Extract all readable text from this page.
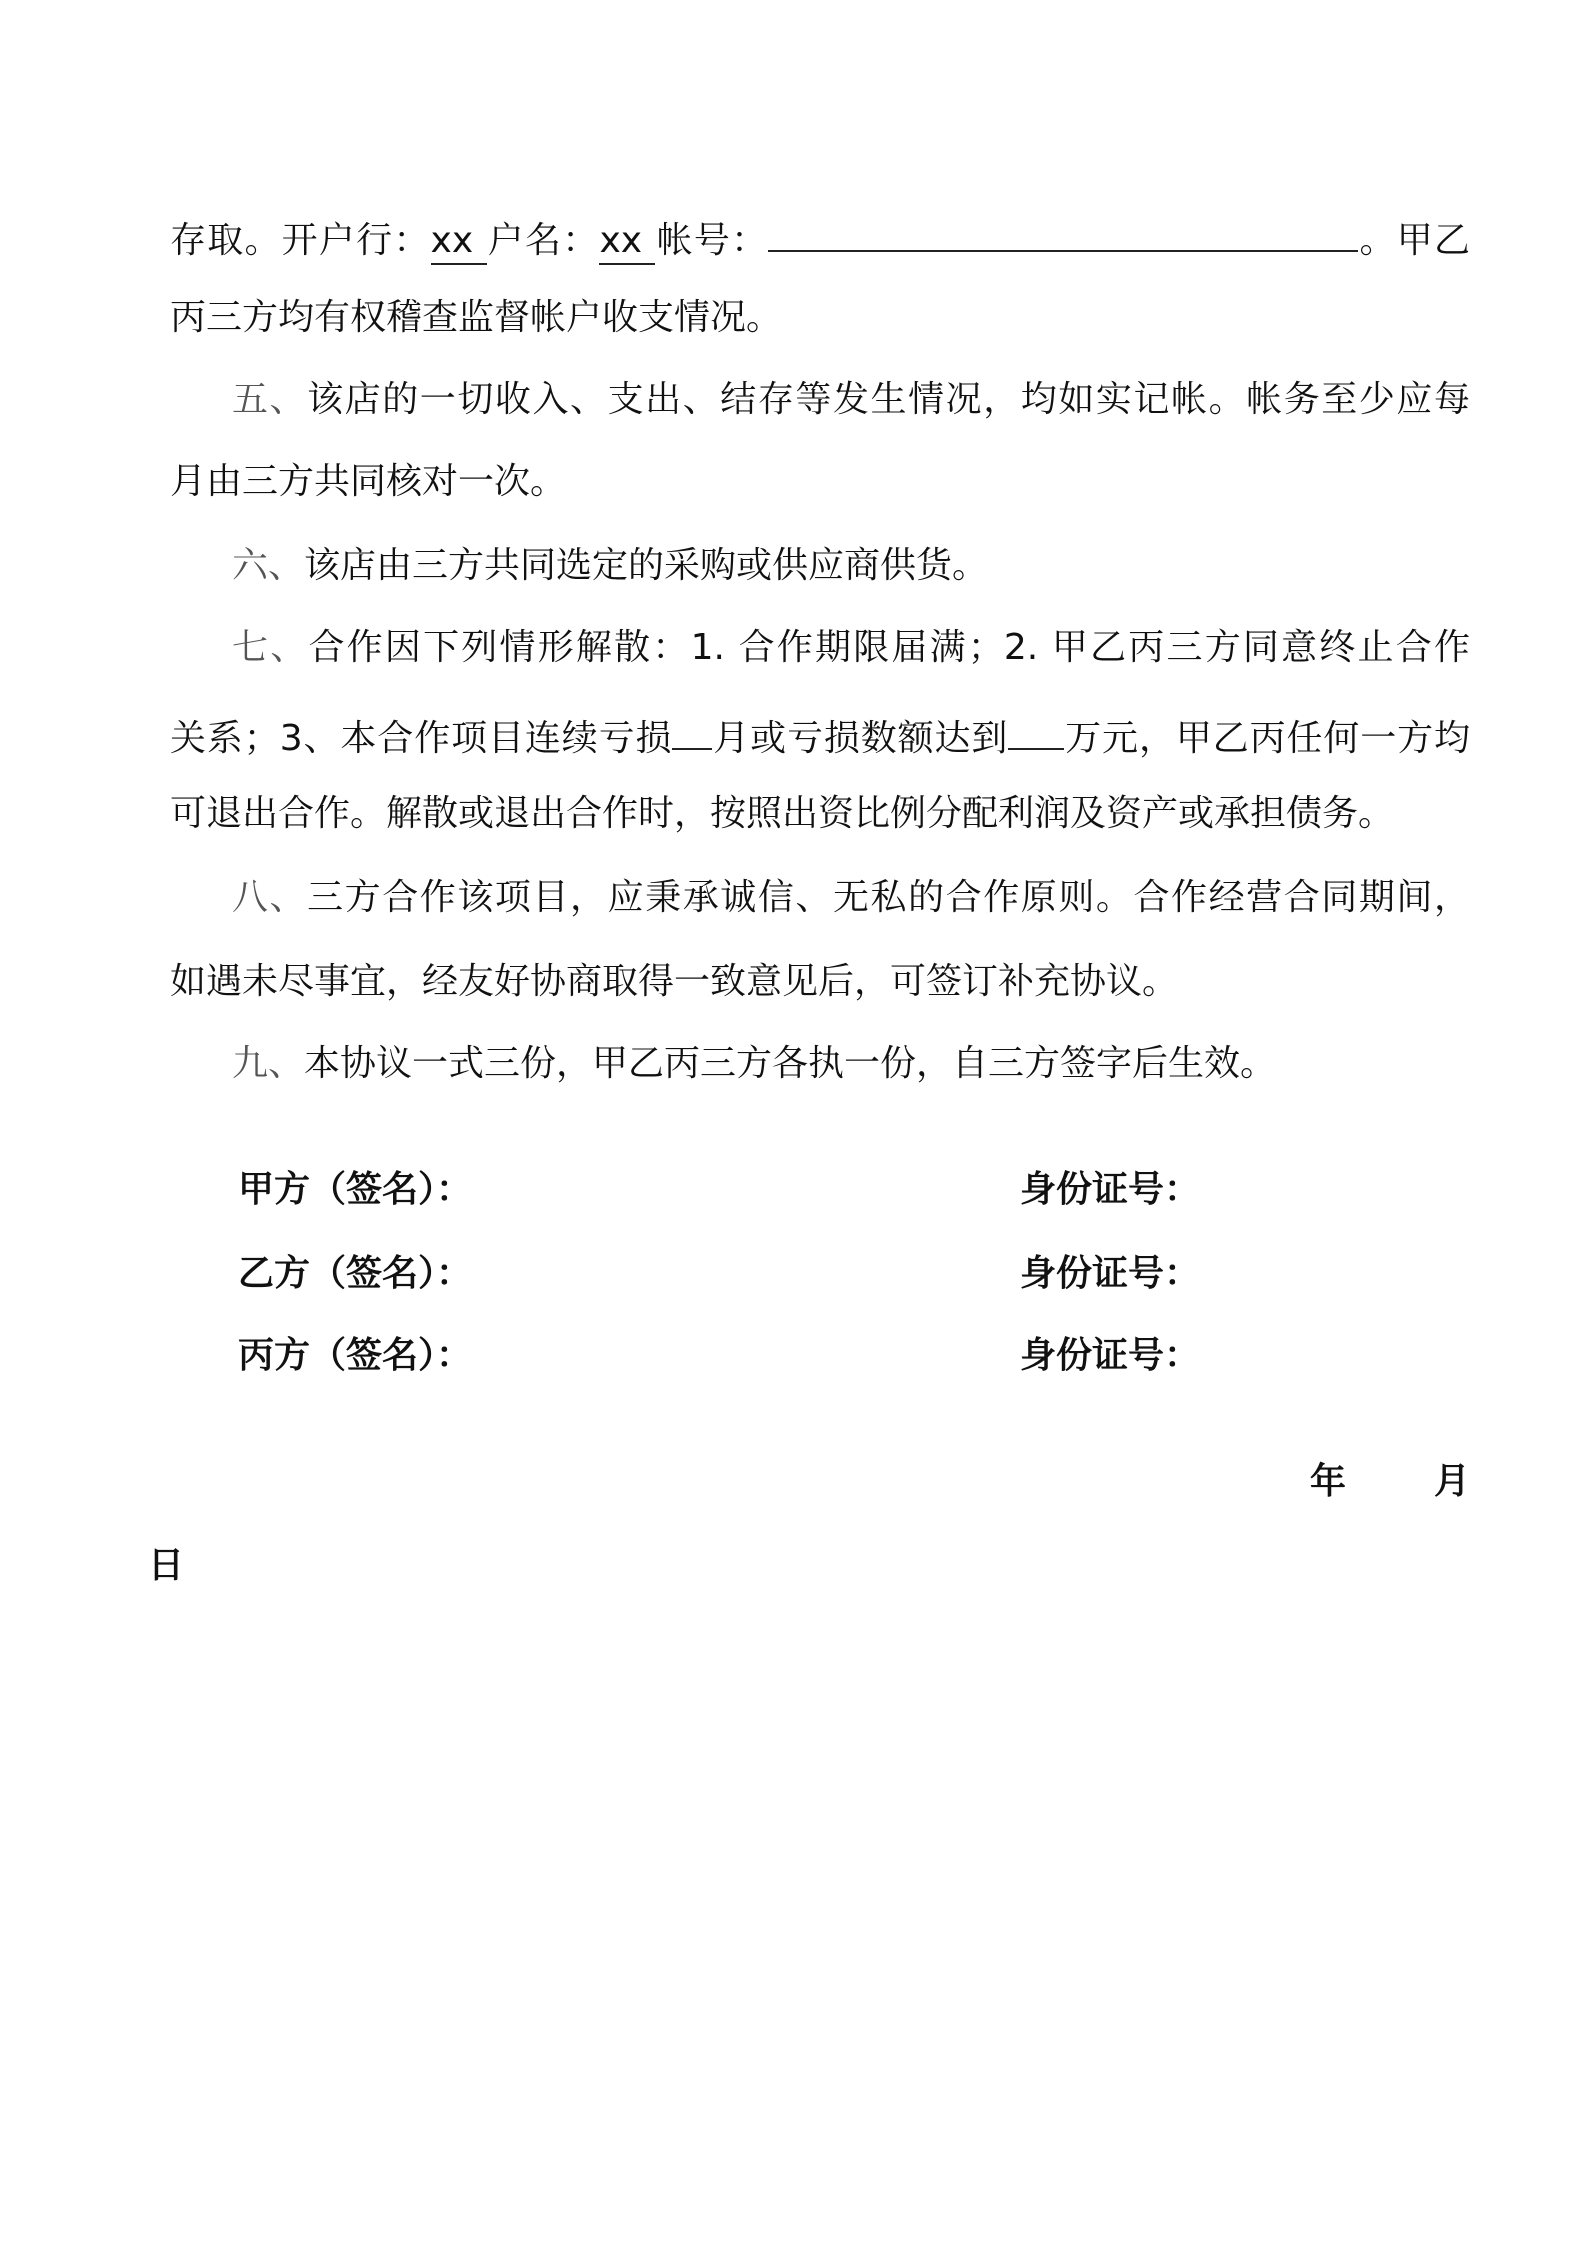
存取。开户行：xx 户名：xx 帐号：	。甲乙
丙三方均有权稽查监督帐户收支情况。
五、该店的一切收入、支出、结存等发生情况，均如实记帐。帐务至少应每
月由三方共同核对一次。
六、该店由三方共同选定的采购或供应商供货。
七、合作因下列情形解散：1. 合作期限届满；2. 甲乙丙三方同意终止合作
关系；3、本合作项目连续亏损 月或亏损数额达到 万元，甲乙丙任何一方均
可退出合作。解散或退出合作时，按照出资比例分配利润及资产或承担债务。
八、三方合作该项目，应秉承诚信、无私的合作原则。合作经营合同期间，
如遇未尽事宜，经友好协商取得一致意见后，可签订补充协议。
九、本协议一式三份，甲乙丙三方各执一份，自三方签字后生效。
甲方（签名）：	身份证号：
乙方（签名）：	身份证号：
丙方（签名）：	身份证号：
年 月
日
